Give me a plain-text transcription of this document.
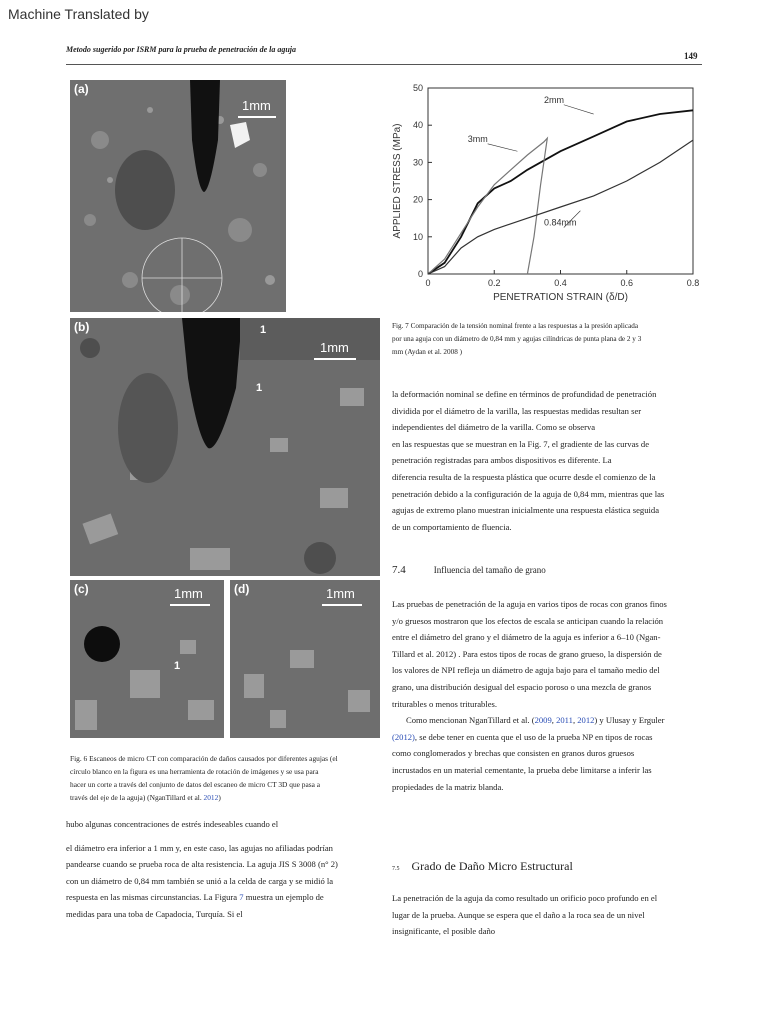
Machine Translated by
Metodo sugerido por ISRM para la prueba de penetración de la aguja
149
(a)
1mm
(b)
1mm
1
1
(c)	1mm
1
(d)	1mm
Fig. 6 Escaneos de micro CT con comparación de daños causados por diferentes agujas (el
círculo blanco en la figura es una herramienta de rotación de imágenes y se usa para
hacer un corte a través del conjunto de datos del escaneo de micro CT 3D que pasa a
través del eje de la aguja) (NganTillard et al. 2012)
hubo algunas concentraciones de estrés indeseables cuando el
el diámetro era inferior a 1 mm y, en este caso, las agujas no afiliadas podrían
pandearse cuando se prueba roca de alta resistencia. La aguja JIS S 3008 (n° 2)
con un diámetro de 0,84 mm también se unió a la celda de carga y se midió la
respuesta en las mismas circunstancias. La Figura 7 muestra un ejemplo de
medidas para una toba de Capadocia, Turquía. Si el
0	0.2	0.4	0.6	0.8
0
10
20
30
40
50
PENETRATION STRAIN (δ/D)
APPLIED STRESS (MPa)
2mm
3mm
0.84mm
Fig. 7 Comparación de la tensión nominal frente a las respuestas a la presión aplicada
por una aguja con un diámetro de 0,84 mm y agujas cilíndricas de punta plana de 2 y 3
mm (Aydan et al. 2008 )
la deformación nominal se define en términos de profundidad de penetración
dividida por el diámetro de la varilla, las respuestas medidas resultan ser
independientes del diámetro de la varilla. Como se observa
en las respuestas que se muestran en la Fig. 7, el gradiente de las curvas de
penetración registradas para ambos dispositivos es diferente. La
diferencia resulta de la respuesta plástica que ocurre desde el comienzo de la
penetración debido a la configuración de la aguja de 0,84 mm, mientras que las
agujas de extremo plano muestran inicialmente una respuesta elástica seguida
de un comportamiento de fluencia.
7.4	Influencia del tamaño de grano
Las pruebas de penetración de la aguja en varios tipos de rocas con granos finos
y/o gruesos mostraron que los efectos de escala se anticipan cuando la relación
entre el diámetro del grano y el diámetro de la aguja es inferior a 6–10 (Ngan-
Tillard et al. 2012) . Para estos tipos de rocas de grano grueso, la dispersión de
los valores de NPI refleja un diámetro de aguja bajo para el tamaño medio del
grano, una distribución desigual del espacio poroso o una mezcla de granos
triturables o menos triturables.
Como mencionan NganTillard et al. (2009, 2011, 2012) y Ulusay y Erguler
(2012), se debe tener en cuenta que el uso de la prueba NP en tipos de rocas
como conglomerados y brechas que consisten en granos duros gruesos
incrustados en un material cementante, la prueba debe limitarse a inferir las
propiedades de la matriz blanda.
7.5 Grado de Daño Micro Estructural
La penetración de la aguja da como resultado un orificio poco profundo en el
lugar de la prueba. Aunque se espera que el daño a la roca sea de un nivel
insignificante, el posible daño
